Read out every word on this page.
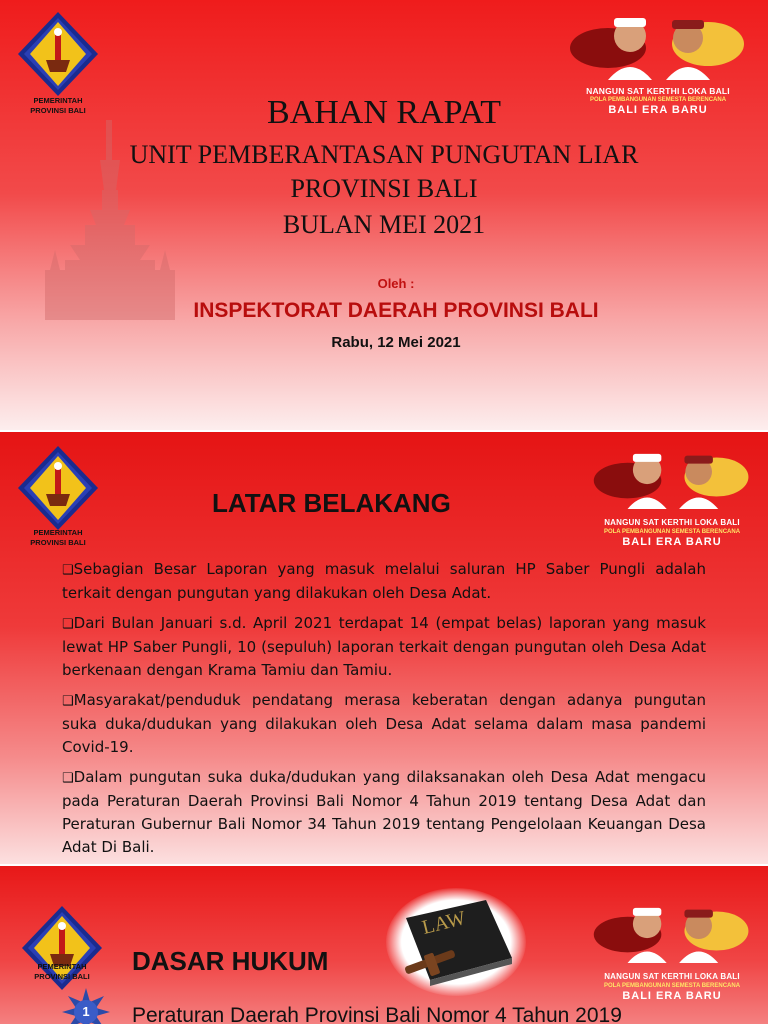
PEMERINTAH
PROVINSI BALI
NANGUN SAT KERTHI LOKA BALI
POLA PEMBANGUNAN SEMESTA BERENCANA
BALI ERA BARU
BAHAN RAPAT
UNIT PEMBERANTASAN PUNGUTAN LIAR
PROVINSI BALI
BULAN MEI 2021
Oleh :
INSPEKTORAT DAERAH PROVINSI BALI
Rabu, 12 Mei 2021
PEMERINTAH
PROVINSI BALI
NANGUN SAT KERTHI LOKA BALI
POLA PEMBANGUNAN SEMESTA BERENCANA
BALI ERA BARU
LATAR BELAKANG

❑Sebagian Besar Laporan yang masuk melalui saluran HP Saber Pungli adalah terkait dengan pungutan yang dilakukan oleh Desa Adat.

❑Dari Bulan Januari s.d. April 2021 terdapat 14 (empat belas) laporan yang masuk lewat HP Saber Pungli, 10 (sepuluh) laporan terkait dengan pungutan oleh Desa Adat berkenaan dengan Krama Tamiu dan Tamiu.

❑Masyarakat/penduduk pendatang merasa keberatan dengan adanya pungutan suka duka/dudukan yang dilakukan oleh Desa Adat selama dalam masa pandemi Covid-19.

❑Dalam pungutan suka duka/dudukan yang dilaksanakan oleh Desa Adat mengacu pada Peraturan Daerah Provinsi Bali Nomor 4 Tahun 2019 tentang Desa Adat dan Peraturan Gubernur Bali Nomor 34 Tahun 2019 tentang Pengelolaan Keuangan Desa Adat Di Bali.

PEMERINTAH
PROVINSI BALI
LAW
DASAR HUKUM
NANGUN SAT KERTHI LOKA BALI
POLA PEMBANGUNAN SEMESTA BERENCANA
BALI ERA BARU
1	Peraturan Daerah Provinsi Bali Nomor 4 Tahun 2019
